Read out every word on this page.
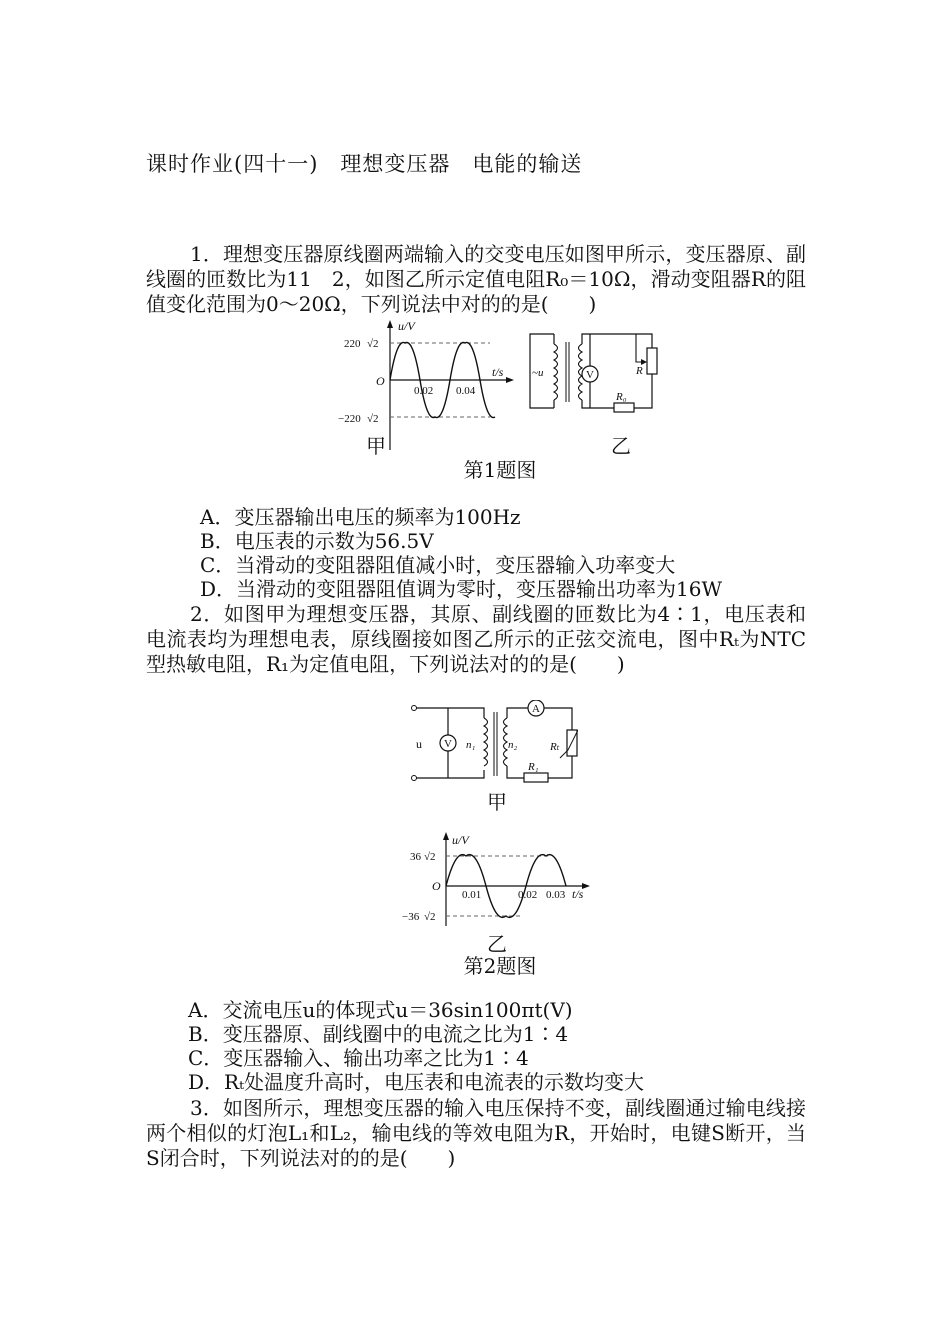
课时作业(四十一)　理想变压器　电能的输送
1．理想变压器原线圈两端输入的交变电压如图甲所示，变压器原、副线圈的匝数比为11　2，如图乙所示定值电阻R₀＝10Ω，滑动变阻器R的阻值变化范围为0～20Ω，下列说法中对的的是(　　)
u/V
t/s
O
220 √2
−220 √2
0.02 0.04
甲
V
~u	R
R₀
乙
第1题图
A．变压器输出电压的频率为100Hz
B．电压表的示数为56.5V
C．当滑动的变阻器阻值减小时，变压器输入功率变大
D．当滑动的变阻器阻值调为零时，变压器输出功率为16W
2．如图甲为理想变压器，其原、副线圈的匝数比为4∶1，电压表和电流表均为理想电表，原线圈接如图乙所示的正弦交流电，图中Rₜ为NTC型热敏电阻，R₁为定值电阻，下列说法对的的是(　　)
V
A
u	n₁	n₂	Rₜ
R₁
甲
u/V
t/s
O
36 √2
−36 √2
0.01	0.02 0.03
乙
第2题图
A．交流电压u的体现式u＝36sin100πt(V)
B．变压器原、副线圈中的电流之比为1∶4
C．变压器输入、输出功率之比为1∶4
D．Rₜ处温度升高时，电压表和电流表的示数均变大
3．如图所示，理想变压器的输入电压保持不变，副线圈通过输电线接两个相似的灯泡L₁和L₂，输电线的等效电阻为R，开始时，电键S断开，当S闭合时，下列说法对的的是(　　)
